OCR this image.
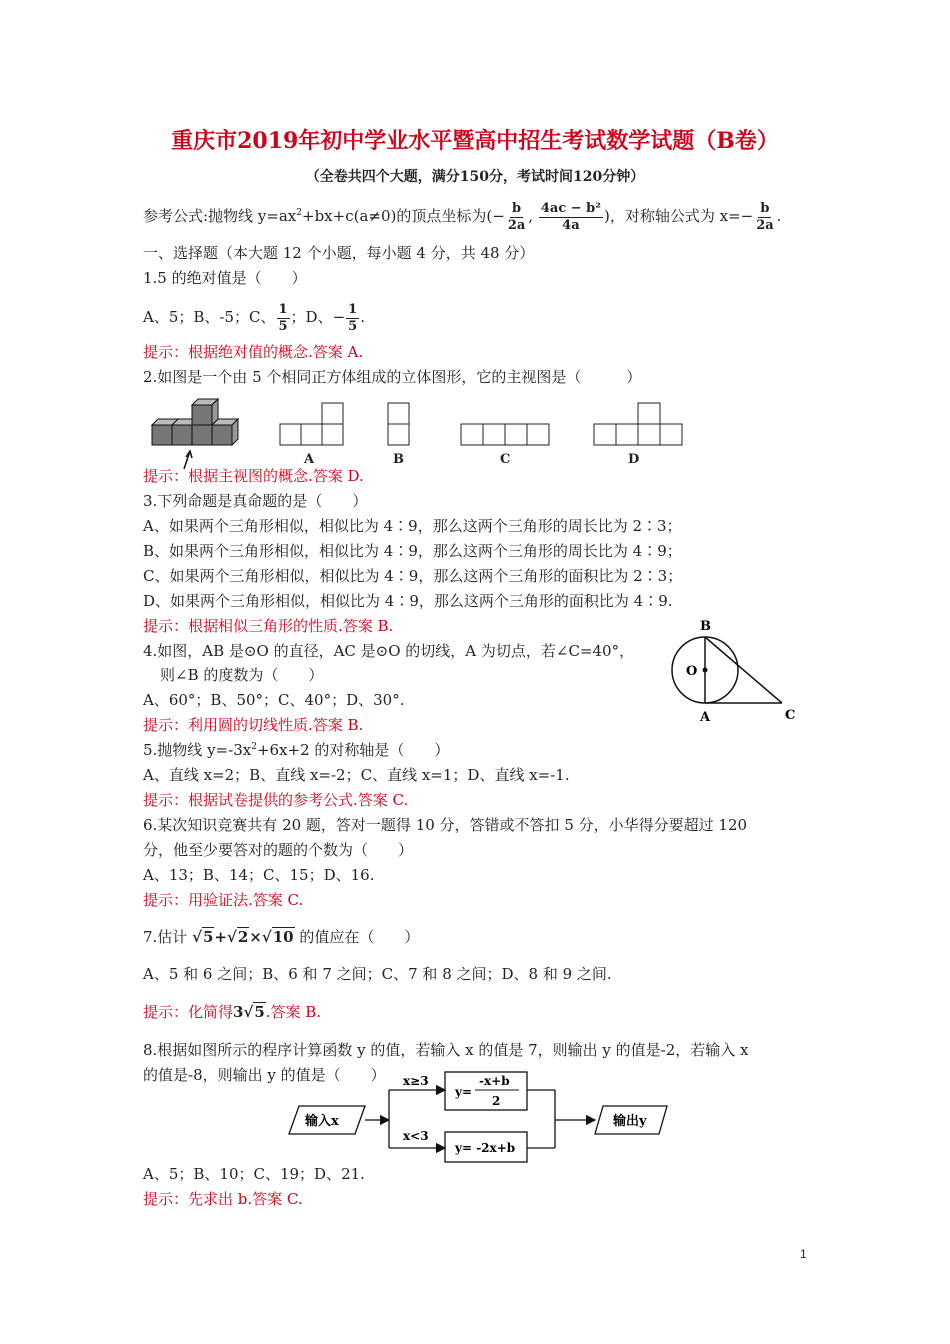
重庆市2019年初中学业水平暨高中招生考试数学试题（B卷）
（全卷共四个大题，满分150分，考试时间120分钟）
参考公式:抛物线 $y=ax^2+bx+c(a\ne 0)$的顶点坐标为(− $\frac{b}{2a}$ , $\frac{\text{4ac − b²}}{4a}$ )，对称轴公式为 $x=- \frac{b}{2a}$ .
一、选择题（本大题 12 个小题，每小题 4 分，共 48 分）
1.5 的绝对值是（　　）
A、5；B、-5；C、 $\frac{1}{5}$ ；D、− $\frac{1}{5}$ .
提示：根据绝对值的概念.答案 A.
2.如图是一个由 5 个相同正方体组成的立体图形，它的主视图是（　　　）
A	B	C	D
提示：根据主视图的概念.答案 D.
3.下列命题是真命题的是（　　）
A、如果两个三角形相似，相似比为 4∶9，那么这两个三角形的周长比为 2∶3；
B、如果两个三角形相似，相似比为 4∶9，那么这两个三角形的周长比为 4∶9；
C、如果两个三角形相似，相似比为 4∶9，那么这两个三角形的面积比为 2∶3；
D、如果两个三角形相似，相似比为 4∶9，那么这两个三角形的面积比为 4∶9.
提示：根据相似三角形的性质.答案 B.
4.如图，AB 是⊙O 的直径，AC 是⊙O 的切线，A 为切点，若∠C=40°，
则∠B 的度数为（　　）
A、60°；B、50°；C、40°；D、30°.
提示：利用圆的切线性质.答案 B.
B
O
A	C
5.抛物线 $y=-3x^2+6x+2$ 的对称轴是（　　）
A、直线 x=2；B、直线 x=-2；C、直线 x=1；D、直线 x=-1.
提示：根据试卷提供的参考公式.答案 C.
6.某次知识竞赛共有 20 题，答对一题得 10 分，答错或不答扣 5 分，小华得分要超过 120
分，他至少要答对的题的个数为（　　）
A、13；B、14；C、15；D、16.
提示：用验证法.答案 C.
7.估计 √5+√2×√10 的值应在（　　）
A、5 和 6 之间；B、6 和 7 之间；C、7 和 8 之间；D、8 和 9 之间.
提示：化简得3√5.答案 B.
8.根据如图所示的程序计算函数 y 的值，若输入 x 的值是 7，则输出 y 的值是-2，若输入 x
的值是-8，则输出 y 的值是（　　）
输入x
x≥3
x<3
y=
-x+b
2
y= -2x+b
输出y
A、5；B、10；C、19；D、21.
提示：先求出 b.答案 C.
1
